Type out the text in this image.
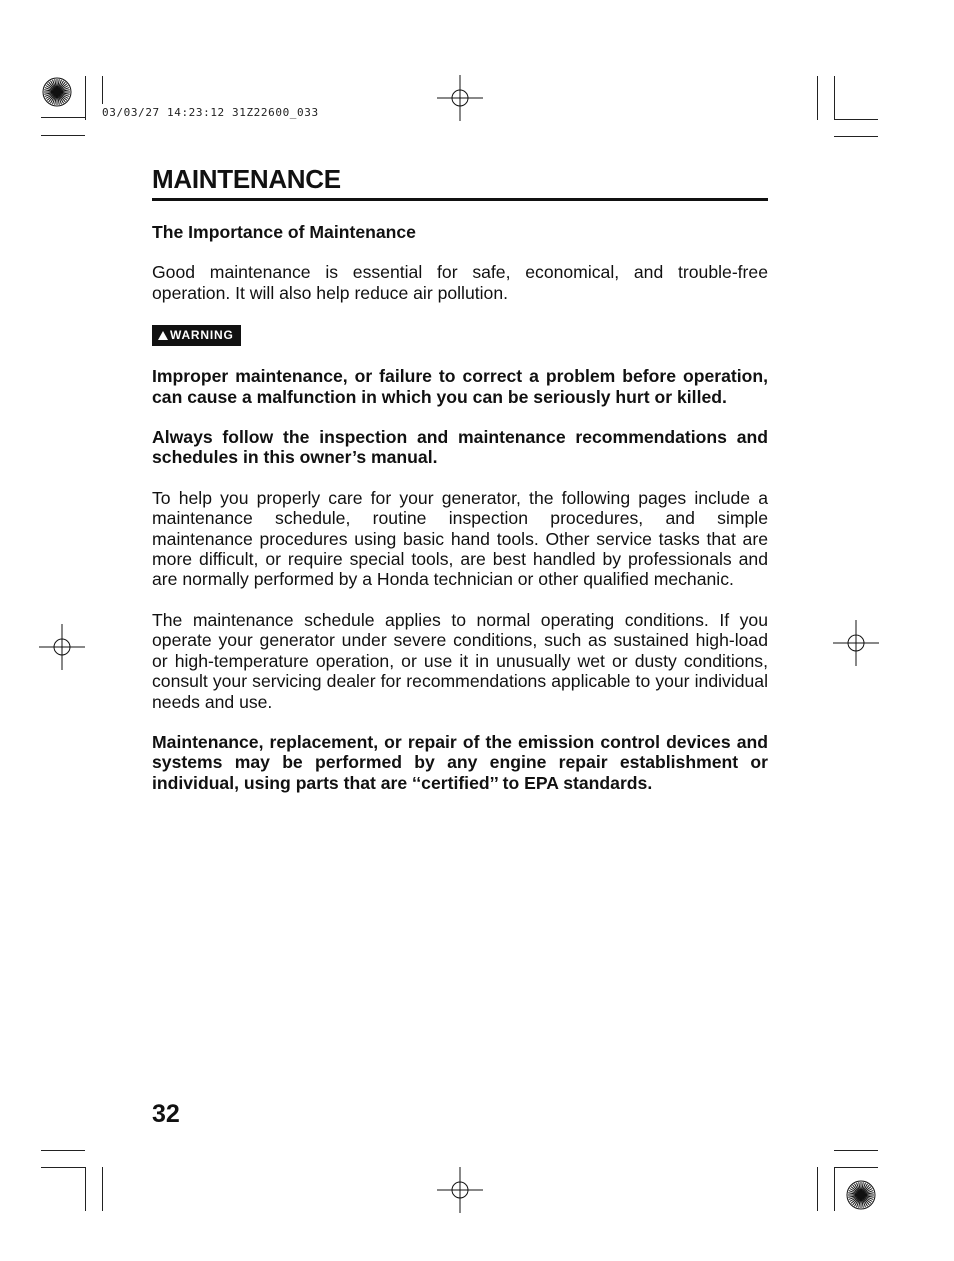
03/03/27 14:23:12 31Z22600_033
MAINTENANCE
The Importance of Maintenance

Good maintenance is essential for safe, economical, and trouble-free operation. It will also help reduce air pollution.

WARNING

Improper maintenance, or failure to correct a problem before operation, can cause a malfunction in which you can be seriously hurt or killed.

Always follow the inspection and maintenance recommendations and schedules in this owner’s manual.

To help you properly care for your generator, the following pages include a maintenance schedule, routine inspection procedures, and simple maintenance procedures using basic hand tools. Other service tasks that are more difficult, or require special tools, are best handled by professionals and are normally performed by a Honda technician or other qualified mechanic.

The maintenance schedule applies to normal operating conditions. If you operate your generator under severe conditions, such as sustained high-load or high-temperature operation, or use it in unusually wet or dusty conditions, consult your servicing dealer for recommendations applicable to your individual needs and use.

Maintenance, replacement, or repair of the emission control devices and systems may be performed by any engine repair establishment or individual, using parts that are ‘‘certified’’ to EPA standards.

32
